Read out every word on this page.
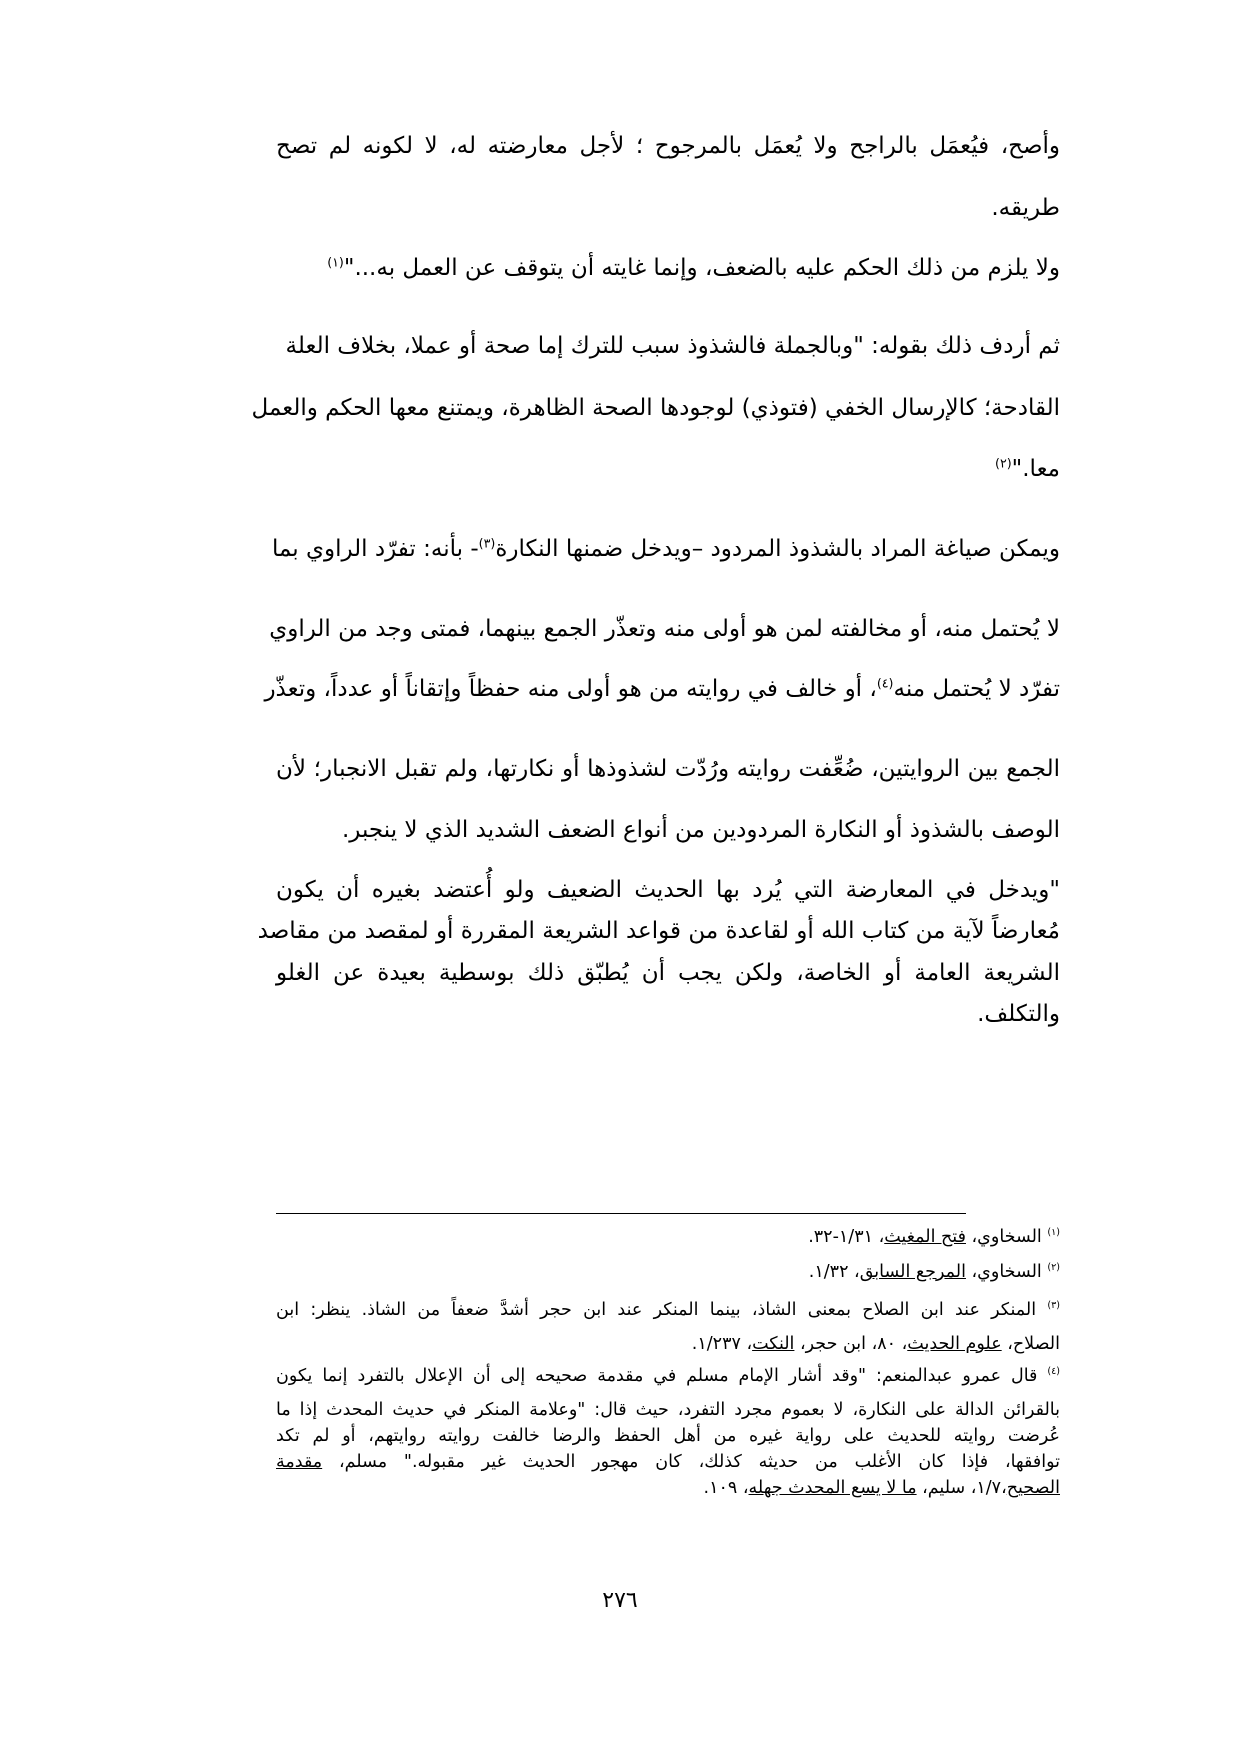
وأصح، فيُعمَل بالراجح ولا يُعمَل بالمرجوح ؛ لأجل معارضته له، لا لكونه لم تصح
طريقه.
ولا يلزم من ذلك الحكم عليه بالضعف، وإنما غايته أن يتوقف عن العمل به..."$^{(١)}$
ثم أردف ذلك بقوله: "وبالجملة فالشذوذ سبب للترك إما صحة أو عملا، بخلاف العلة
القادحة؛ كالإرسال الخفي (فتوذي) لوجودها الصحة الظاهرة، ويمتنع معها الحكم والعمل
معا."$^{(٢)}$
ويمكن صياغة المراد بالشذوذ المردود –ويدخل ضمنها النكارة$^{(٣)}$- بأنه: تفرّد الراوي بما
لا يُحتمل منه، أو مخالفته لمن هو أولى منه وتعذّر الجمع بينهما، فمتى وجد من الراوي
تفرّد لا يُحتمل منه$^{(٤)}$، أو خالف في روايته من هو أولى منه حفظاً وإتقاناً أو عدداً، وتعذّر
الجمع بين الروايتين، ضُعِّفت روايته ورُدّت لشذوذها أو نكارتها، ولم تقبل الانجبار؛ لأن
الوصف بالشذوذ أو النكارة المردودين من أنواع الضعف الشديد الذي لا ينجبر.
"ويدخل في المعارضة التي يُرد بها الحديث الضعيف ولو أُعتضد بغيره أن يكون
مُعارضاً لآية من كتاب الله أو لقاعدة من قواعد الشريعة المقررة أو لمقصد من مقاصد
الشريعة العامة أو الخاصة، ولكن يجب أن يُطبّق ذلك بوسطية بعيدة عن الغلو
والتكلف.
$^{(١)}$ السخاوي، فتح المغيث، ١/٣١-٣٢.
$^{(٢)}$ السخاوي، المرجع السابق، ١/٣٢.
$^{(٣)}$ المنكر عند ابن الصلاح بمعنى الشاذ، بينما المنكر عند ابن حجر أشدَّ ضعفاً من الشاذ. ينظر: ابن
الصلاح، علوم الحديث، ٨٠، ابن حجر، النكت، ١/٢٣٧.
$^{(٤)}$ قال عمرو عبدالمنعم: "وقد أشار الإمام مسلم في مقدمة صحيحه إلى أن الإعلال بالتفرد إنما يكون
بالقرائن الدالة على النكارة، لا بعموم مجرد التفرد، حيث قال: "وعلامة المنكر في حديث المحدث إذا ما
عُرضت روايته للحديث على رواية غيره من أهل الحفظ والرضا خالفت روايته روايتهم، أو لم تكد
توافقها، فإذا كان الأغلب من حديثه كذلك، كان مهجور الحديث غير مقبوله." مسلم، مقدمة
الصحيح،١/٧، سليم، ما لا يسع المحدث جهله، ١٠٩.
٢٧٦
